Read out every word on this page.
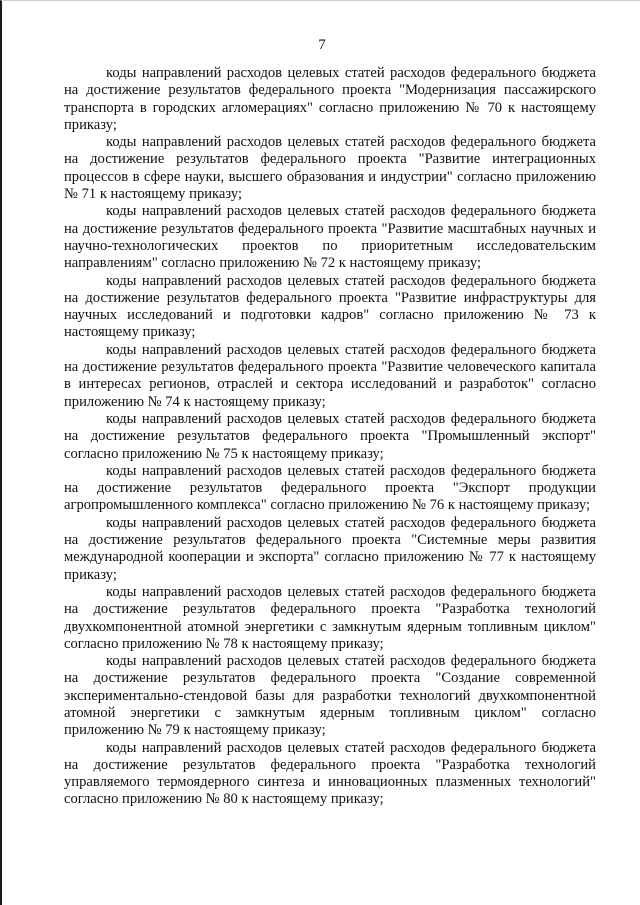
7

коды направлений расходов целевых статей расходов федерального бюджета на достижение результатов федерального проекта "Модернизация пассажирского транспорта в городских агломерациях" согласно приложению № 70 к настоящему приказу;

коды направлений расходов целевых статей расходов федерального бюджета на достижение результатов федерального проекта "Развитие интеграционных процессов в сфере науки, высшего образования и индустрии" согласно приложению № 71 к настоящему приказу;

коды направлений расходов целевых статей расходов федерального бюджета на достижение результатов федерального проекта "Развитие масштабных научных и научно-технологических проектов по приоритетным исследовательским направлениям" согласно приложению № 72 к настоящему приказу;

коды направлений расходов целевых статей расходов федерального бюджета на достижение результатов федерального проекта "Развитие инфраструктуры для научных исследований и подготовки кадров" согласно приложению № 73 к настоящему приказу;

коды направлений расходов целевых статей расходов федерального бюджета на достижение результатов федерального проекта "Развитие человеческого капитала в интересах регионов, отраслей и сектора исследований и разработок" согласно приложению № 74 к настоящему приказу;

коды направлений расходов целевых статей расходов федерального бюджета на достижение результатов федерального проекта "Промышленный экспорт" согласно приложению № 75 к настоящему приказу;

коды направлений расходов целевых статей расходов федерального бюджета на достижение результатов федерального проекта "Экспорт продукции агропромышленного комплекса" согласно приложению № 76 к настоящему приказу;

коды направлений расходов целевых статей расходов федерального бюджета на достижение результатов федерального проекта "Системные меры развития международной кооперации и экспорта" согласно приложению № 77 к настоящему приказу;

коды направлений расходов целевых статей расходов федерального бюджета на достижение результатов федерального проекта "Разработка технологий двухкомпонентной атомной энергетики с замкнутым ядерным топливным циклом" согласно приложению № 78 к настоящему приказу;

коды направлений расходов целевых статей расходов федерального бюджета на достижение результатов федерального проекта "Создание современной экспериментально-стендовой базы для разработки технологий двухкомпонентной атомной энергетики с замкнутым ядерным топливным циклом" согласно приложению № 79 к настоящему приказу;

коды направлений расходов целевых статей расходов федерального бюджета на достижение результатов федерального проекта "Разработка технологий управляемого термоядерного синтеза и инновационных плазменных технологий" согласно приложению № 80 к настоящему приказу;
